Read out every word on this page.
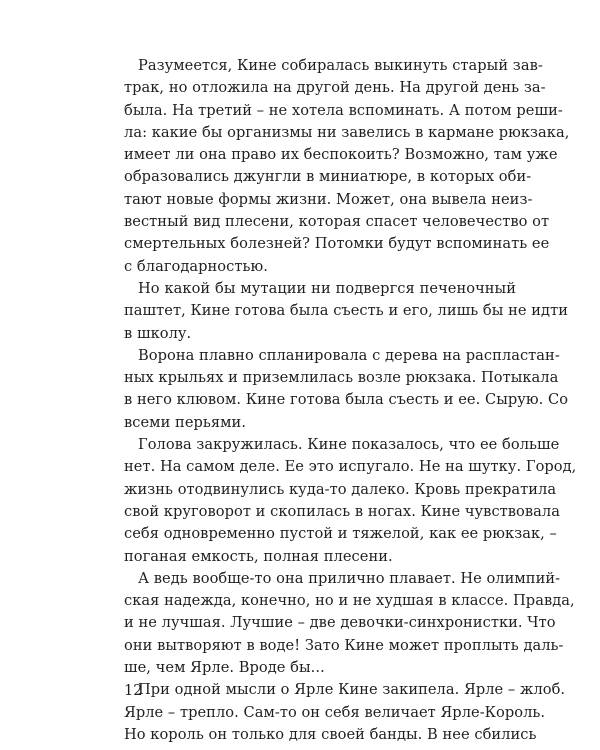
Разумеется, Кине собиралась выкинуть старый зав-
трак, но отложила на другой день. На другой день за-
была. На третий – не хотела вспоминать. А потом реши-
ла: какие бы организмы ни завелись в кармане рюкзака,
имеет ли она право их беспокоить? Возможно, там уже
образовались джунгли в миниатюре, в которых оби-
тают новые формы жизни. Может, она вывела неиз-
вестный вид плесени, которая спасет человечество от
смертельных болезней? Потомки будут вспоминать ее
с благодарностью.
Но какой бы мутации ни подвергся печеночный
паштет, Кине готова была съесть и его, лишь бы не идти
в школу.
Ворона плавно спланировала с дерева на распластан-
ных крыльях и приземлилась возле рюкзака. Потыкала
в него клювом. Кине готова была съесть и ее. Сырую. Со
всеми перьями.
Голова закружилась. Кине показалось, что ее больше
нет. На самом деле. Ее это испугало. Не на шутку. Город,
жизнь отодвинулись куда-то далеко. Кровь прекратила
свой круговорот и скопилась в ногах. Кине чувствовала
себя одновременно пустой и тяжелой, как ее рюкзак, –
поганая емкость, полная плесени.
А ведь вообще-то она прилично плавает. Не олимпий-
ская надежда, конечно, но и не худшая в классе. Правда,
и не лучшая. Лучшие – две девочки-синхронистки. Что
они вытворяют в воде! Зато Кине может проплыть даль-
ше, чем Ярле. Вроде бы...
При одной мысли о Ярле Кине закипела. Ярле – жлоб.
Ярле – трепло. Сам-то он себя величает Ярле-Король.
Но король он только для своей банды. В нее сбились
12
